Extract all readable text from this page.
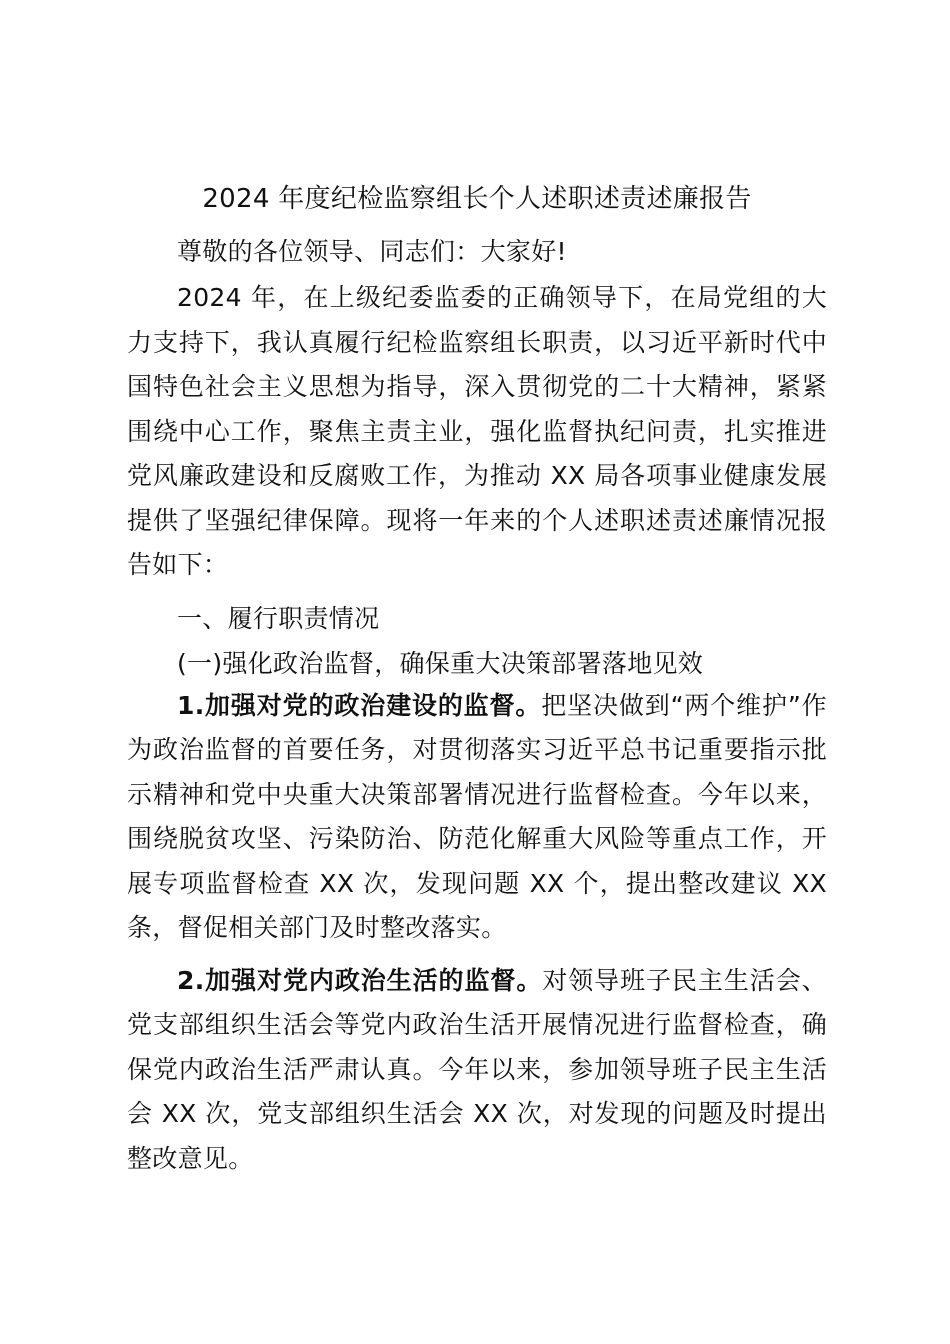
2024 年度纪检监察组长个人述职述责述廉报告

尊敬的各位领导、同志们：大家好!

2024 年，在上级纪委监委的正确领导下，在局党组的大力支持下，我认真履行纪检监察组长职责，以习近平新时代中国特色社会主义思想为指导，深入贯彻党的二十大精神，紧紧围绕中心工作，聚焦主责主业，强化监督执纪问责，扎实推进党风廉政建设和反腐败工作，为推动 XX 局各项事业健康发展提供了坚强纪律保障。现将一年来的个人述职述责述廉情况报告如下：

一、履行职责情况

(一)强化政治监督，确保重大决策部署落地见效

1.加强对党的政治建设的监督。把坚决做到“两个维护”作为政治监督的首要任务，对贯彻落实习近平总书记重要指示批示精神和党中央重大决策部署情况进行监督检查。今年以来，围绕脱贫攻坚、污染防治、防范化解重大风险等重点工作，开展专项监督检查 XX 次，发现问题 XX 个，提出整改建议 XX 条，督促相关部门及时整改落实。

2.加强对党内政治生活的监督。对领导班子民主生活会、党支部组织生活会等党内政治生活开展情况进行监督检查，确保党内政治生活严肃认真。今年以来，参加领导班子民主生活会 XX 次，党支部组织生活会 XX 次，对发现的问题及时提出整改意见。
